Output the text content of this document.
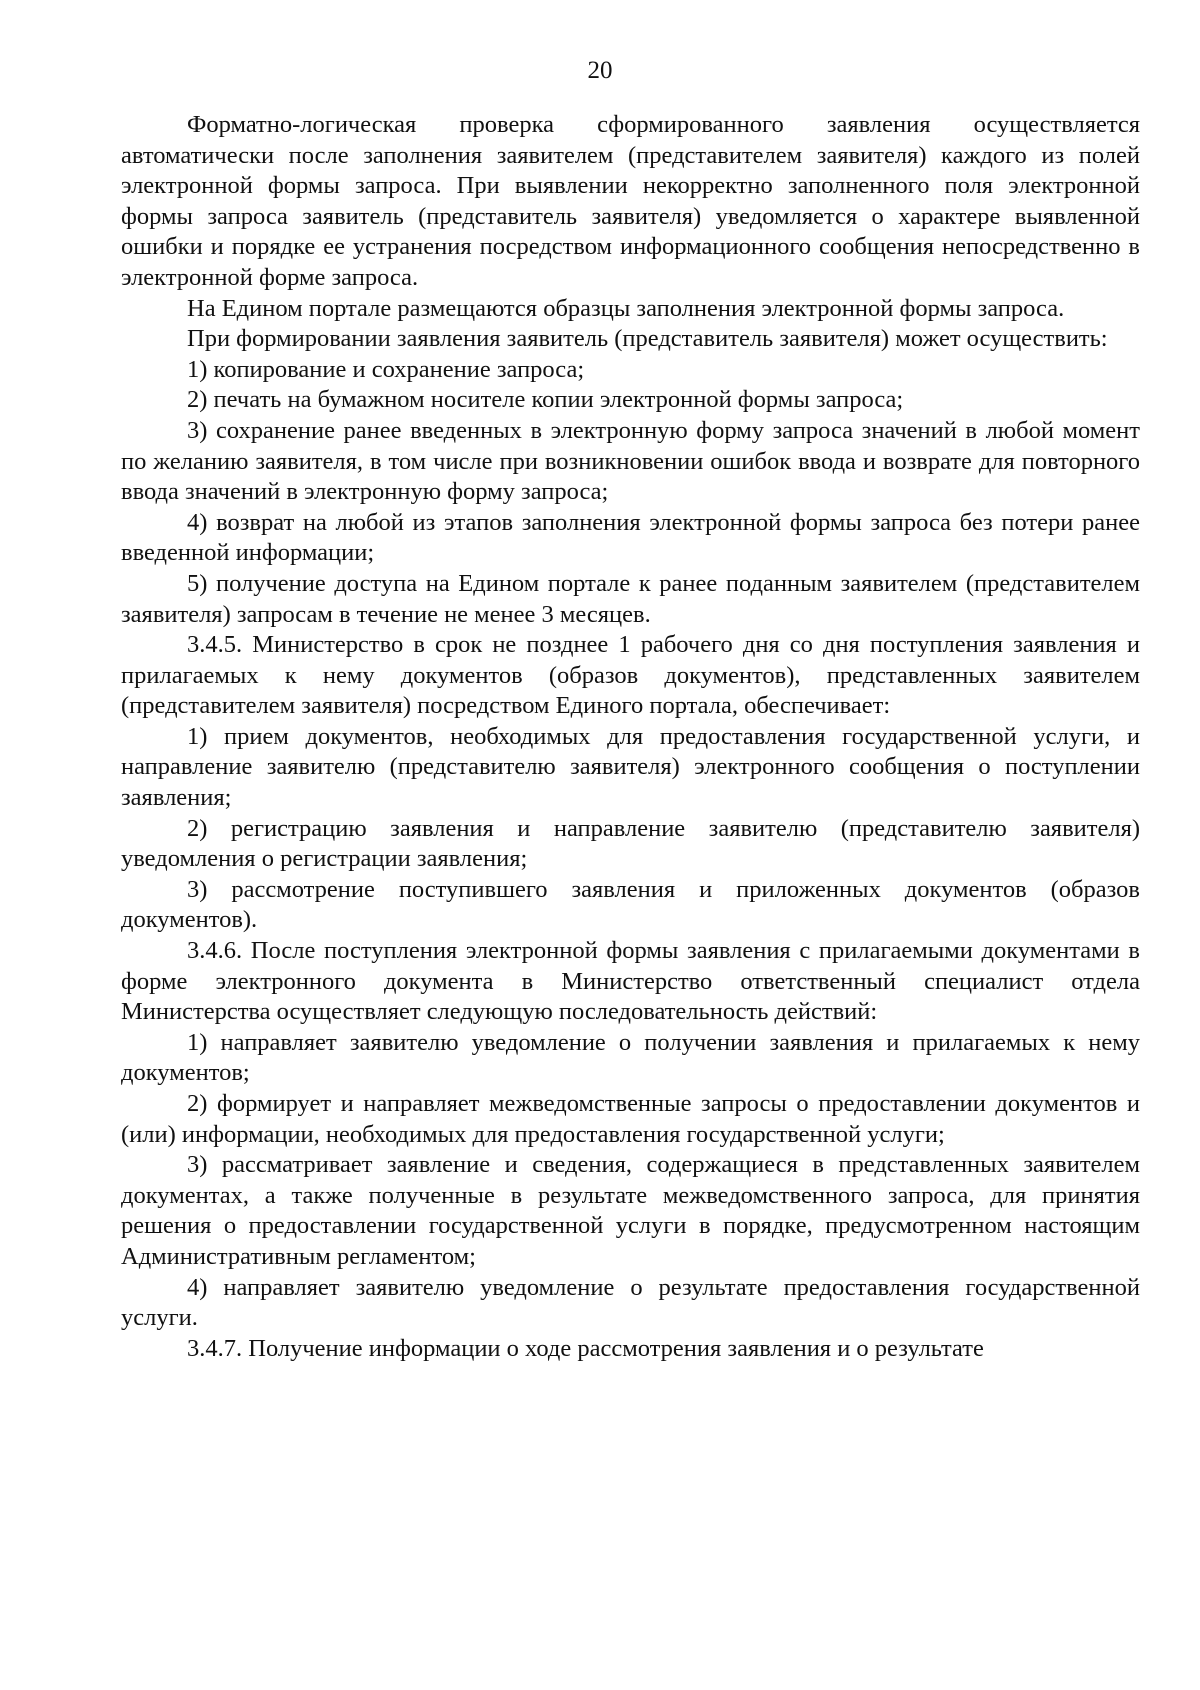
20

Форматно-логическая проверка сформированного заявления осуществляется автоматически после заполнения заявителем (представителем заявителя) каждого из полей электронной формы запроса. При выявлении некорректно заполненного поля электронной формы запроса заявитель (представитель заявителя) уведомляется о характере выявленной ошибки и порядке ее устранения посредством информационного сообщения непосредственно в электронной форме запроса.

На Едином портале размещаются образцы заполнения электронной формы запроса.

При формировании заявления заявитель (представитель заявителя) может осуществить:

1) копирование и сохранение запроса;

2) печать на бумажном носителе копии электронной формы запроса;

3) сохранение ранее введенных в электронную форму запроса значений в любой момент по желанию заявителя, в том числе при возникновении ошибок ввода и возврате для повторного ввода значений в электронную форму запроса;

4) возврат на любой из этапов заполнения электронной формы запроса без потери ранее введенной информации;

5) получение доступа на Едином портале к ранее поданным заявителем (представителем заявителя) запросам в течение не менее 3 месяцев.

3.4.5. Министерство в срок не позднее 1 рабочего дня со дня поступления заявления и прилагаемых к нему документов (образов документов), представленных заявителем (представителем заявителя) посредством Единого портала, обеспечивает:

1) прием документов, необходимых для предоставления государственной услуги, и направление заявителю (представителю заявителя) электронного сообщения о поступлении заявления;

2) регистрацию заявления и направление заявителю (представителю заявителя) уведомления о регистрации заявления;

3) рассмотрение поступившего заявления и приложенных документов (образов документов).

3.4.6. После поступления электронной формы заявления с прилагаемыми документами в форме электронного документа в Министерство ответственный специалист отдела Министерства осуществляет следующую последовательность действий:

1) направляет заявителю уведомление о получении заявления и прилагаемых к нему документов;

2) формирует и направляет межведомственные запросы о предоставлении документов и (или) информации, необходимых для предоставления государственной услуги;

3) рассматривает заявление и сведения, содержащиеся в представленных заявителем документах, а также полученные в результате межведомственного запроса, для принятия решения о предоставлении государственной услуги в порядке, предусмотренном настоящим Административным регламентом;

4) направляет заявителю уведомление о результате предоставления государственной услуги.

3.4.7. Получение информации о ходе рассмотрения заявления и о результате
